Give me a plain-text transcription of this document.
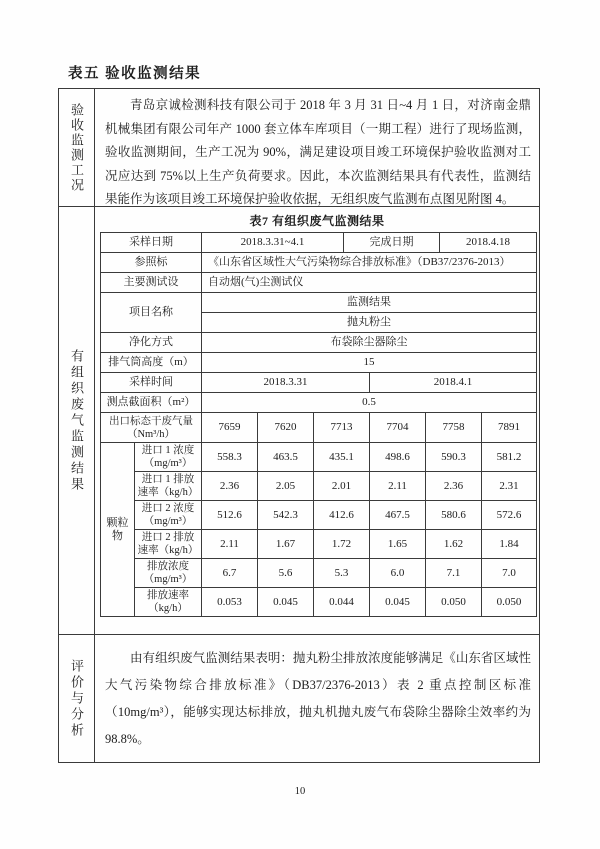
表五 验收监测结果
验收监测工况	青岛京诚检测科技有限公司于 2018 年 3 月 31 日~4 月 1 日，对济南金鼎机械集团有限公司年产 1000 套立体车库项目（一期工程）进行了现场监测，验收监测期间，生产工况为 90%，满足建设项目竣工环境保护验收监测对工况应达到 75%以上生产负荷要求。因此，本次监测结果具有代表性，监测结果能作为该项目竣工环境保护验收依据，无组织废气监测布点图见附图 4。

有组织废气监测结果
表7 有组织废气监测结果
采样日期	2018.3.31~4.1	完成日期	2018.4.18
参照标	《山东省区域性大气污染物综合排放标准》（DB37/2376-2013）		
主要测试设	自动烟(气)尘测试仪		
项目名称	监测结果		
	抛丸粉尘		
净化方式	布袋除尘器除尘		
排气筒高度（m）	15	
采样时间	2018.3.31	2018.4.1
测点截面积（m²）	0.5	
出口标态干废气量（Nm³/h）		7659	7620	7713	7704	7758	7891
颗粒物	进口 1 浓度（mg/m³）	558.3	463.5	435.1	498.6	590.3	581.2
	进口 1 排放速率（kg/h）	2.36	2.05	2.01	2.11	2.36	2.31
	进口 2 浓度（mg/m³）	512.6	542.3	412.6	467.5	580.6	572.6
	进口 2 排放速率（kg/h）	2.11	1.67	1.72	1.65	1.62	1.84
	排放浓度（mg/m³）	6.7	5.6	5.3	6.0	7.1	7.0
	排放速率（kg/h）	0.053	0.045	0.044	0.045	0.050	0.050
评价与分析

由有组织废气监测结果表明：抛丸粉尘排放浓度能够满足《山东省区域性大气污染物综合排放标准》（DB37/2376-2013）表 2 重点控制区标准（10mg/m³），能够实现达标排放，抛丸机抛丸废气布袋除尘器除尘效率约为 98.8%。

10
